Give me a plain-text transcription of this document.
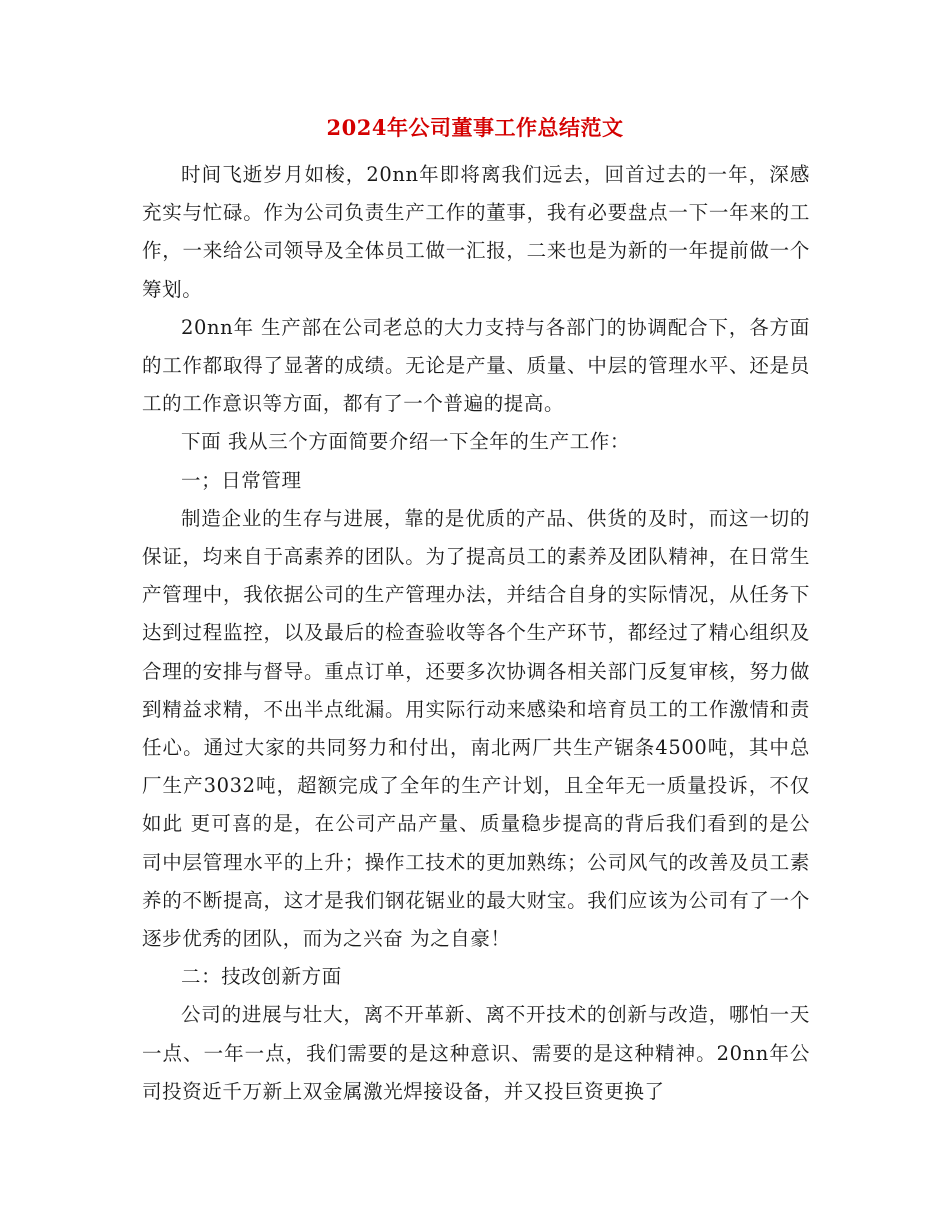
2024年公司董事工作总结范文

时间飞逝岁月如梭，20nn年即将离我们远去，回首过去的一年，深感充实与忙碌。作为公司负责生产工作的董事，我有必要盘点一下一年来的工作，一来给公司领导及全体员工做一汇报，二来也是为新的一年提前做一个筹划。

20nn年 生产部在公司老总的大力支持与各部门的协调配合下，各方面的工作都取得了显著的成绩。无论是产量、质量、中层的管理水平、还是员工的工作意识等方面，都有了一个普遍的提高。

下面 我从三个方面简要介绍一下全年的生产工作：

一；日常管理

制造企业的生存与进展，靠的是优质的产品、供货的及时，而这一切的保证，均来自于高素养的团队。为了提高员工的素养及团队精神，在日常生产管理中，我依据公司的生产管理办法，并结合自身的实际情况，从任务下达到过程监控，以及最后的检查验收等各个生产环节，都经过了精心组织及合理的安排与督导。重点订单，还要多次协调各相关部门反复审核，努力做到精益求精，不出半点纰漏。用实际行动来感染和培育员工的工作激情和责任心。通过大家的共同努力和付出，南北两厂共生产锯条4500吨，其中总厂生产3032吨，超额完成了全年的生产计划，且全年无一质量投诉，不仅如此 更可喜的是，在公司产品产量、质量稳步提高的背后我们看到的是公司中层管理水平的上升；操作工技术的更加熟练；公司风气的改善及员工素养的不断提高，这才是我们钢花锯业的最大财宝。我们应该为公司有了一个逐步优秀的团队，而为之兴奋 为之自豪！

二：技改创新方面

公司的进展与壮大，离不开革新、离不开技术的创新与改造，哪怕一天一点、一年一点，我们需要的是这种意识、需要的是这种精神。20nn年公司投资近千万新上双金属激光焊接设备，并又投巨资更换了
